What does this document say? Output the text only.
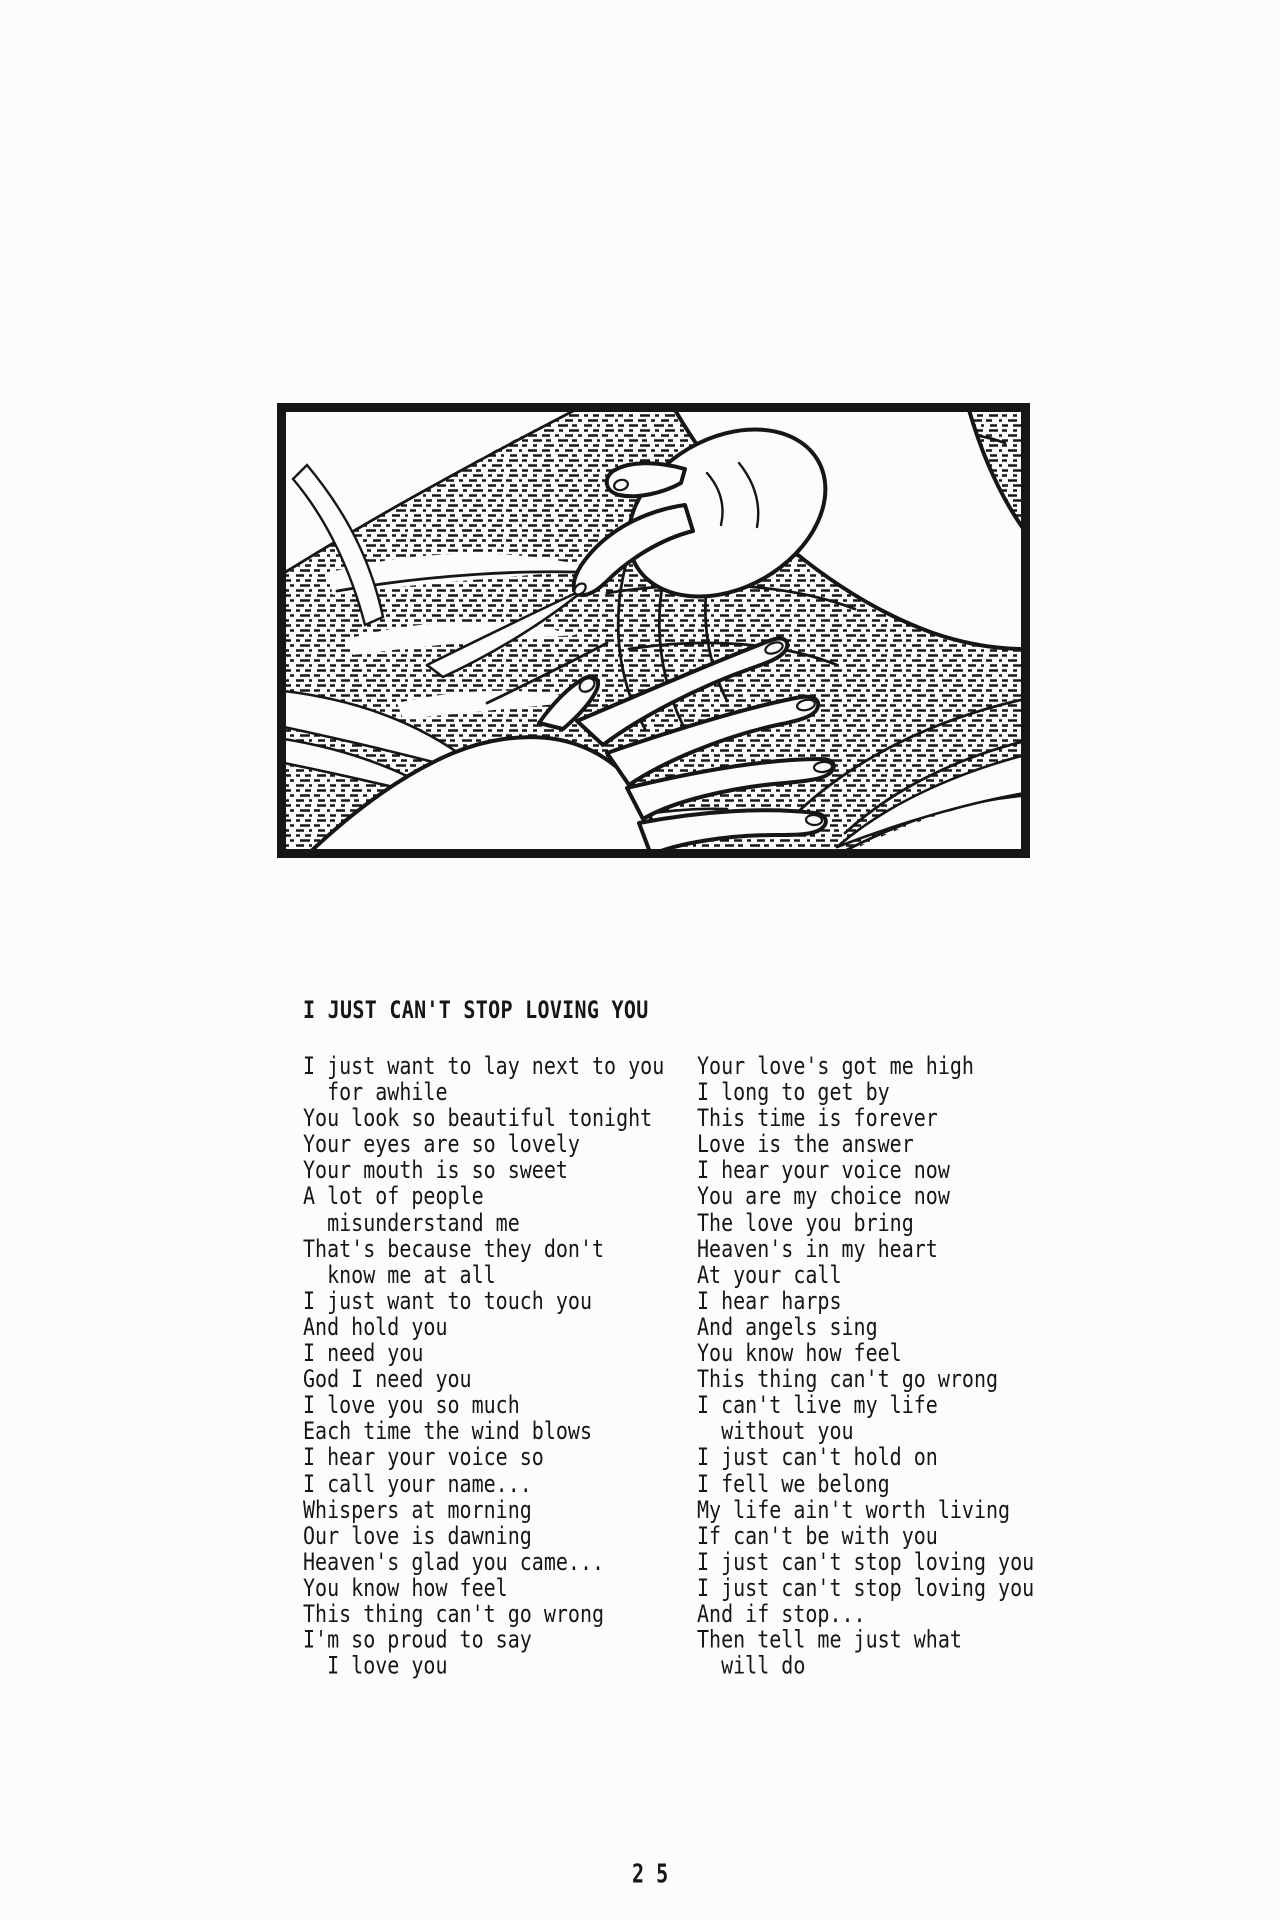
I JUST CAN'T STOP LOVING YOU
I just want to lay next to you
for awhile
You look so beautiful tonight
Your eyes are so lovely
Your mouth is so sweet
A lot of people
misunderstand me
That's because they don't
know me at all
I just want to touch you
And hold you
I need you
God I need you
I love you so much
Each time the wind blows
I hear your voice so
I call your name...
Whispers at morning
Our love is dawning
Heaven's glad you came...
You know how feel
This thing can't go wrong
I'm so proud to say
I love you
Your love's got me high
I long to get by
This time is forever
Love is the answer
I hear your voice now
You are my choice now
The love you bring
Heaven's in my heart
At your call
I hear harps
And angels sing
You know how feel
This thing can't go wrong
I can't live my life
without you
I just can't hold on
I fell we belong
My life ain't worth living
If can't be with you
I just can't stop loving you
I just can't stop loving you
And if stop...
Then tell me just what
will do
2 5
